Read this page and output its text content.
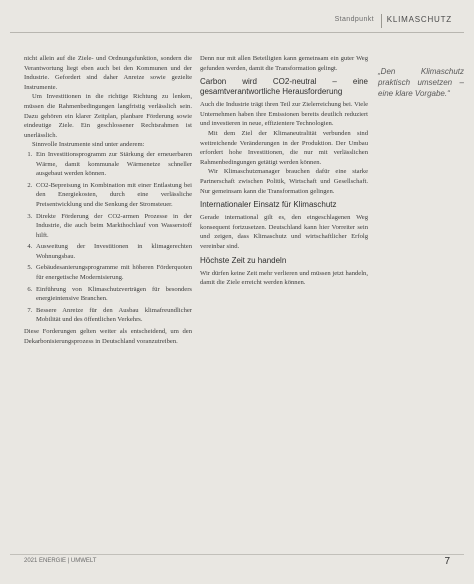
Standpunkt KLIMASCHUTZ

nicht allein auf die Ziele- und Ordnungsfunktion, sondern die Verantwortung liegt eben auch bei den Kommunen und der Industrie. Gefordert sind daher Anreize sowie gezielte Instrumente.

Um Investitionen in die richtige Richtung zu lenken, müssen die Rahmenbedingungen langfristig verlässlich sein. Dazu gehören ein klarer Zeitplan, planbare Förderung sowie eindeutige Ziele. Ein geschlossener Rechtsrahmen ist unerlässlich.

Sinnvolle Instrumente sind unter anderem:

1. Ein Investitionsprogramm zur Stärkung der erneuerbaren Wärme, damit kommunale Wärmenetze schneller ausgebaut werden können.
2. CO2-Bepreisung in Kombination mit einer Entlastung bei den Energiekosten, durch eine verlässliche Preisentwicklung und die Senkung der Stromsteuer.
3. Direkte Förderung der CO2-armen Prozesse in der Industrie, die auch beim Markthochlauf von Wasserstoff hilft.
4. Ausweitung der Investitionen in klimagerechten Wohnungsbau.
5. Gebäudesanierungsprogramme mit höheren Förderquoten für energetische Modernisierung.
6. Einführung von Klimaschutzverträgen für besonders energieintensive Branchen.
7. Bessere Anreize für den Ausbau klimafreundlicher Mobilität und des öffentlichen Verkehrs.

Diese Forderungen gelten weiter als entscheidend, um den Dekarbonisierungsprozess in Deutschland voranzutreiben.

Denn nur mit allen Beteiligten kann gemeinsam ein guter Weg gefunden werden, damit die Transformation gelingt.

Carbon wird CO2-neutral – eine gesamtverantwortliche Herausforderung

Auch die Industrie trägt ihren Teil zur Zielerreichung bei. Viele Unternehmen haben ihre Emissionen bereits deutlich reduziert und investieren in neue, effizientere Technologien.

Mit dem Ziel der Klimaneutralität verbunden sind weitreichende Veränderungen in der Produktion. Der Umbau erfordert hohe Investitionen, die nur mit verlässlichen Rahmenbedingungen getätigt werden können.

Wir Klimaschutzmanager brauchen dafür eine starke Partnerschaft zwischen Politik, Wirtschaft und Gesellschaft. Nur gemeinsam kann die Transformation gelingen.

Internationaler Einsatz für Klimaschutz

Gerade international gilt es, den eingeschlagenen Weg konsequent fortzusetzen. Deutschland kann hier Vorreiter sein und zeigen, dass Klimaschutz und wirtschaftlicher Erfolg vereinbar sind.

Höchste Zeit zu handeln

Wir dürfen keine Zeit mehr verlieren und müssen jetzt handeln, damit die Ziele erreicht werden können.

„Den Klimaschutz praktisch umsetzen – eine klare Vorgabe.“
2021 ENERGIE | UMWELT	7
